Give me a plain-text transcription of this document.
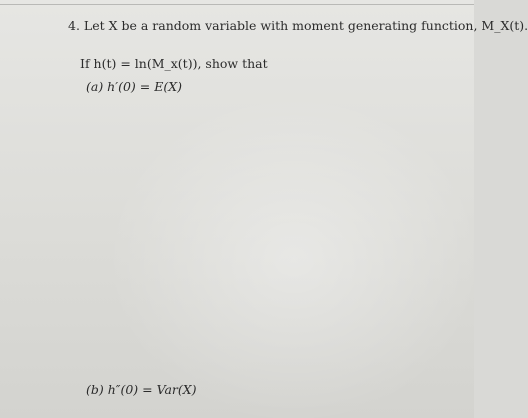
4. Let X be a random variable with moment generating function, M_X(t).
If h(t) = ln(M_x(t)), show that
(a) h′(0) = E(X)
(b) h″(0) = Var(X)
